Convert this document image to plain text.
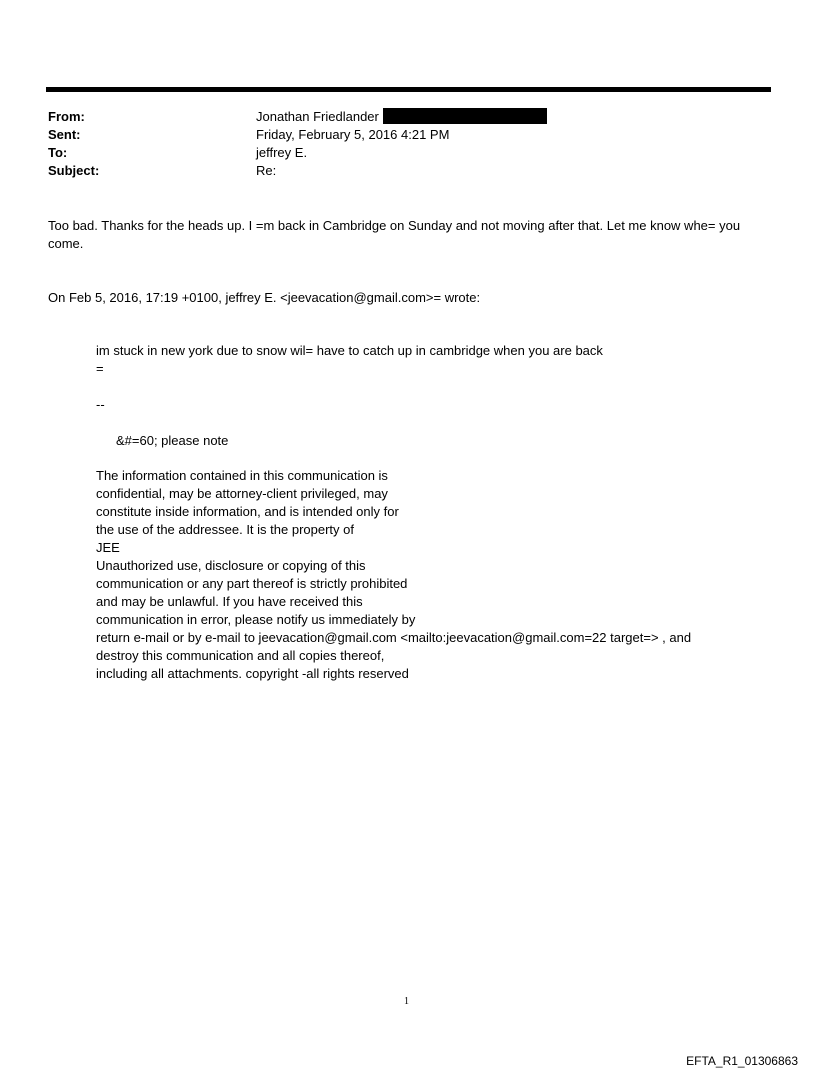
From:	Jonathan Friedlander
Sent:	Friday, February 5, 2016 4:21 PM
To:	jeffrey E.
Subject:	Re:
Too bad. Thanks for the heads up. I =m back in Cambridge on Sunday and not moving after that. Let me know whe= you
come.
On Feb 5, 2016, 17:19 +0100, jeffrey E. <jeevacation@gmail.com>= wrote:
im stuck in new york due to snow wil= have to catch up in cambridge when you are back
=
--
&#=60; please note
The information contained in this communication is
confidential, may be attorney-client privileged, may
constitute inside information, and is intended only for
the use of the addressee. It is the property of
JEE
Unauthorized use, disclosure or copying of this
communication or any part thereof is strictly prohibited
and may be unlawful. If you have received this
communication in error, please notify us immediately by
return e-mail or by e-mail to jeevacation@gmail.com <mailto:jeevacation@gmail.com=22 target=> , and
destroy this communication and all copies thereof,
including all attachments. copyright -all rights reserved
1
EFTA_R1_01306863
